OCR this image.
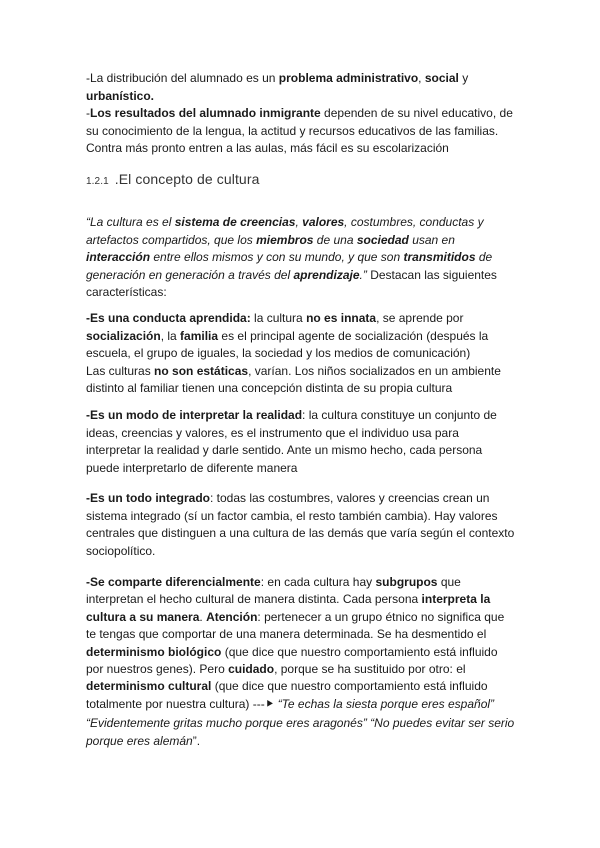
-La distribución del alumnado es un problema administrativo, social y urbanístico.

-Los resultados del alumnado inmigrante dependen de su nivel educativo, de su conocimiento de la lengua, la actitud y recursos educativos de las familias. Contra más pronto entren a las aulas, más fácil es su escolarización

1.2.1 .El concepto de cultura

“La cultura es el sistema de creencias, valores, costumbres, conductas y artefactos compartidos, que los miembros de una sociedad usan en interacción entre ellos mismos y con su mundo, y que son transmitidos de generación en generación a través del aprendizaje.” Destacan las siguientes características:

-Es una conducta aprendida: la cultura no es innata, se aprende por socialización, la familia es el principal agente de socialización (después la escuela, el grupo de iguales, la sociedad y los medios de comunicación)
Las culturas no son estáticas, varían. Los niños socializados en un ambiente distinto al familiar tienen una concepción distinta de su propia cultura

-Es un modo de interpretar la realidad: la cultura constituye un conjunto de ideas, creencias y valores, es el instrumento que el individuo usa para interpretar la realidad y darle sentido. Ante un mismo hecho, cada persona puede interpretarlo de diferente manera

-Es un todo integrado: todas las costumbres, valores y creencias crean un sistema integrado (sí un factor cambia, el resto también cambia). Hay valores centrales que distinguen a una cultura de las demás que varía según el contexto sociopolítico.

-Se comparte diferencialmente: en cada cultura hay subgrupos que interpretan el hecho cultural de manera distinta. Cada persona interpreta la cultura a su manera. Atención: pertenecer a un grupo étnico no significa que te tengas que comportar de una manera determinada. Se ha desmentido el determinismo biológico (que dice que nuestro comportamiento está influido por nuestros genes). Pero cuidado, porque se ha sustituido por otro: el determinismo cultural (que dice que nuestro comportamiento está influido totalmente por nuestra cultura) ---⯈ “Te echas la siesta porque eres español”

“Evidentemente gritas mucho porque eres aragonés” “No puedes evitar ser serio porque eres alemán”.
